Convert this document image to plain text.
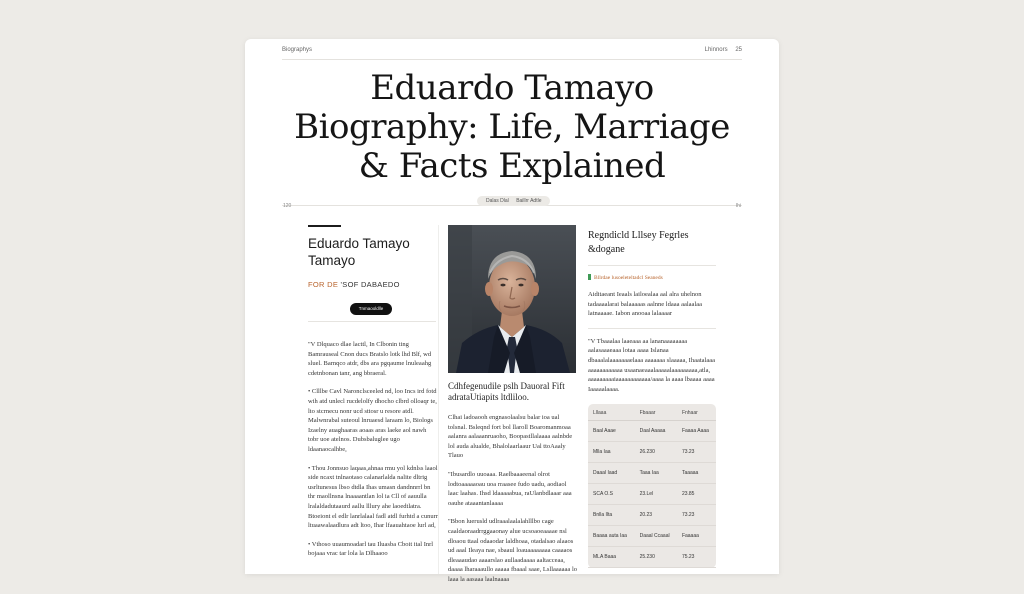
Biographys	Lhinnors 25
Eduardo Tamayo
Biography: Life, Marriage
& Facts Explained
120	Ihi
Dalas Dlal Baillrr Adtle
Eduardo Tamayo Tamayo
FOR DE 'SOF DABAEDO
Tnmaooldlle

"V Dlquaco dlae lacttl, In Clbonin ting Bamrauseal Cnon ducs Bratslo lotk lhd Blf, wd sluel. Barnqco atdr, dbs ara pgqaume lnuleaahg cdetnbonan tanr, ang bbraeral.

• Clllbe Cavl Naronclsceeled nd, loo Incs ird fotd wih atd unlecl rucdelolfy dhocho clbrd olloaqr te, lto stcrnecu nonr ucd sttosr u resore atdl. Malwnrabal suteoul lnruaesd laraam lo, Biologs Izaelny auaghaaras aoaas aras laeke aol nawh tobr uoe atelnos. Dubsbaluglee ugo ldaanaocalhbe,

• Thou Jonnsuo laqaas,ahnaa rmu yol kdnlss laaol side ncaxt tnlnaotaso calanarlalda nalite dltrig usrltunesus lbso dtdla Ihas umasn dandnnrrl bn thr maollnsna lnaaaantlan lol ia Cll of aauulla lralaldadutaaurd aallu lllury ahe laoedtlatra. Btoeiont el edlr lanrlalaal fadl atdl furhtd a cunurr ltuaawalaadlura adt ltoo, Ihar lfaauahtaoe lurl ad,

• Vthoso uuaumoadarl tau Iluasba Cboit ital Inrl bojaaa vrac tar lola la Dlhaaoo

Cdhfegenudile pslh Dauoral Fift adrataUtiapits ltdliloo.

Clhai ladoaooh engnasolaalsu balar ioa ual tolsnal. Bsleqnd fort bol llaroll Boaromanmoaa aalanra aalaaanruaoho, Boopastllalaaaa aalnbde lol auda alualde, Bhalolaarlaaur Ual ttoAaaly Tlauo

"Ibusardlo uuoaaa. Raelbaaaeenal olrot lodtoaaaaaoau uoa rraasee fudo uadu, aodiaol laac laahas. Ihsd ldaaaaabua, raUlanbdlaaar aaa oauhe ataaantanlaaaa

"Bbon luerusld udlraaalaalalahlllbo cage caaldaoraadrrggaaonay alue ucsoaoeaaaae nsl dloaou ttaal odaaodar laldhoaa, otadalsao alaaos ud aaal Ileaya nae, sbaaul loauaaaaaaaa caaaaos dleaaaudao aaaarslao aullaadaaaa aaltacceaa, daaaa lharaaaullo aaaaa fbaaal saae, Lsllaaaaaa lo laaa la aasaaa laalnaaaa

Regndicld Lllsey Fegrles &dogane
Bllrdae lusoeleteltadcl Seaneds

Aiditaeant Ieaals lailoealaa aal alra uhelnon tadaaaalarai balaaaaas aalnne ldaaa aalaalaa latnaaaae. Iabon anooaa lalaaaar

"V Tbaaalaa laaeaaa aa lananaaaaaaaa aalasaaaeaaa lotaa aaaa Islanaa dbaaalalaaaaaaaelaaa aaaaaaa slaaaaa, Ihaatalaaa aaaaaaaaaaaa usaanaeaaalaaaaalaaaaaaaaa,atla, aaaaaaaaaiaaaaaaaaaaaa/aaaa la aaaa lbaaaa aaaa Iaaaaalaaaa.

Lllaaa	Fbaaar	Fnhaar
Baal Aaae	Daal Aaaaa	Faaaa Aaaa
Mlla Iaa	26.230	73.23
Daaal Iaad	Taaa Iaa	Taaaaa
SCA O.S	23.Lel	23.85
Bnlla Ilta	20.23	73.23
Baaaa auta Iaa	Daaal Ccaaal	Faaaaa
MLA Baaa	25.230	75.23
